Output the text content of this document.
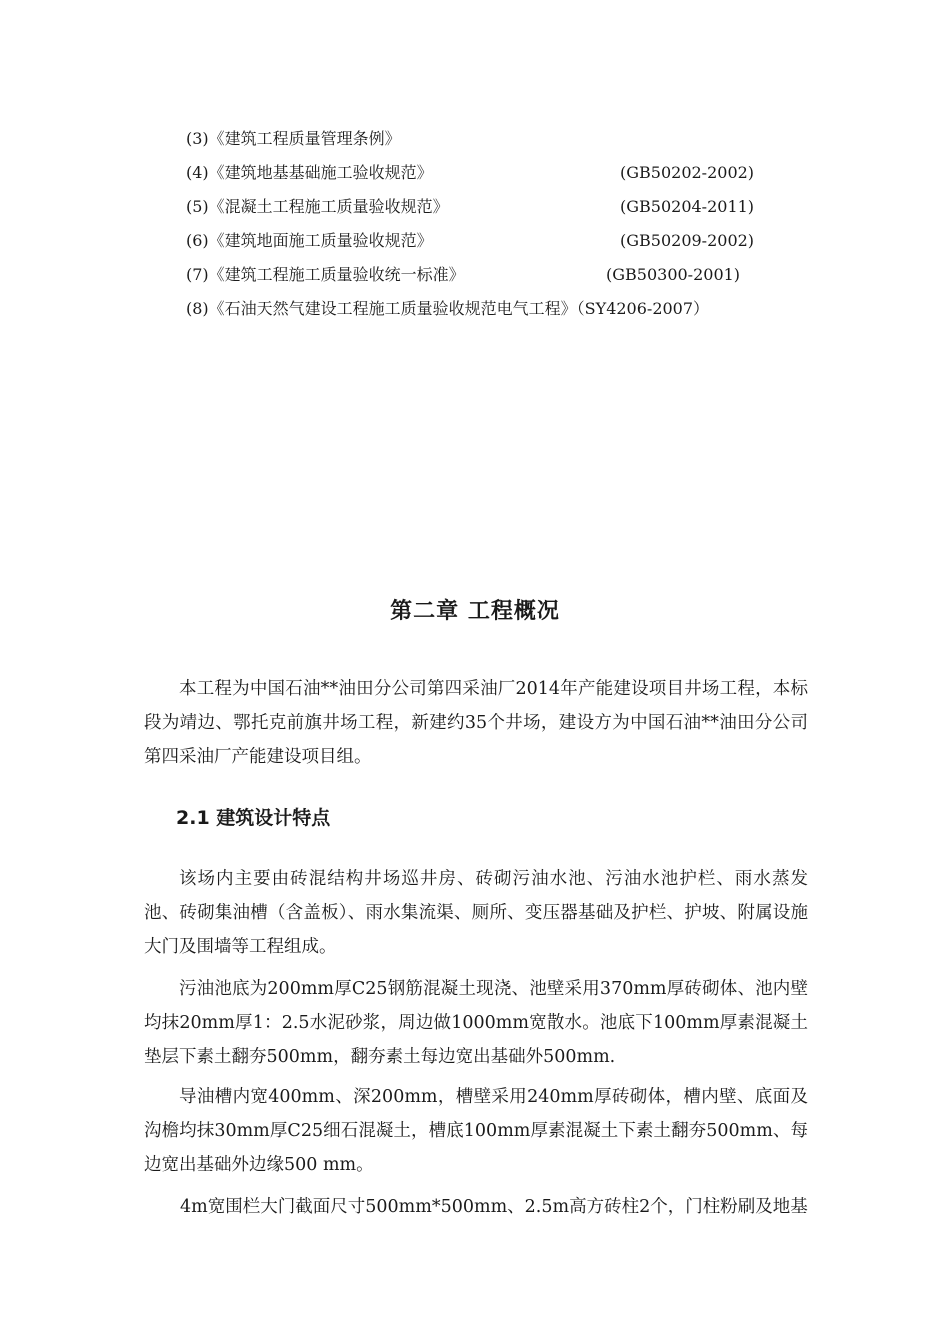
(3)《建筑工程质量管理条例》
(4)《建筑地基基础施工验收规范》	(GB50202-2002)
(5)《混凝土工程施工质量验收规范》	(GB50204-2011)
(6)《建筑地面施工质量验收规范》	(GB50209-2002)
(7)《建筑工程施工质量验收统一标准》	(GB50300-2001)
(8)《石油天然气建设工程施工质量验收规范电气工程》（SY4206-2007）
第二章 工程概况

本工程为中国石油**油田分公司第四采油厂2014年产能建设项目井场工程，本标段为靖边、鄂托克前旗井场工程，新建约35个井场，建设方为中国石油**油田分公司第四采油厂产能建设项目组。

2.1 建筑设计特点

该场内主要由砖混结构井场巡井房、砖砌污油水池、污油水池护栏、雨水蒸发池、砖砌集油槽（含盖板）、雨水集流渠、厕所、变压器基础及护栏、护坡、附属设施大门及围墙等工程组成。

污油池底为200mm厚C25钢筋混凝土现浇、池壁采用370mm厚砖砌体、池内壁均抹20mm厚1：2.5水泥砂浆，周边做1000mm宽散水。池底下100mm厚素混凝土垫层下素土翻夯500mm，翻夯素土每边宽出基础外500mm.

导油槽内宽400mm、深200mm，槽壁采用240mm厚砖砌体，槽内壁、底面及沟檐均抹30mm厚C25细石混凝土，槽底100mm厚素混凝土下素土翻夯500mm、每边宽出基础外边缘500 mm。

4m宽围栏大门截面尺寸500mm*500mm、2.5m高方砖柱2个，门柱粉刷及地基
